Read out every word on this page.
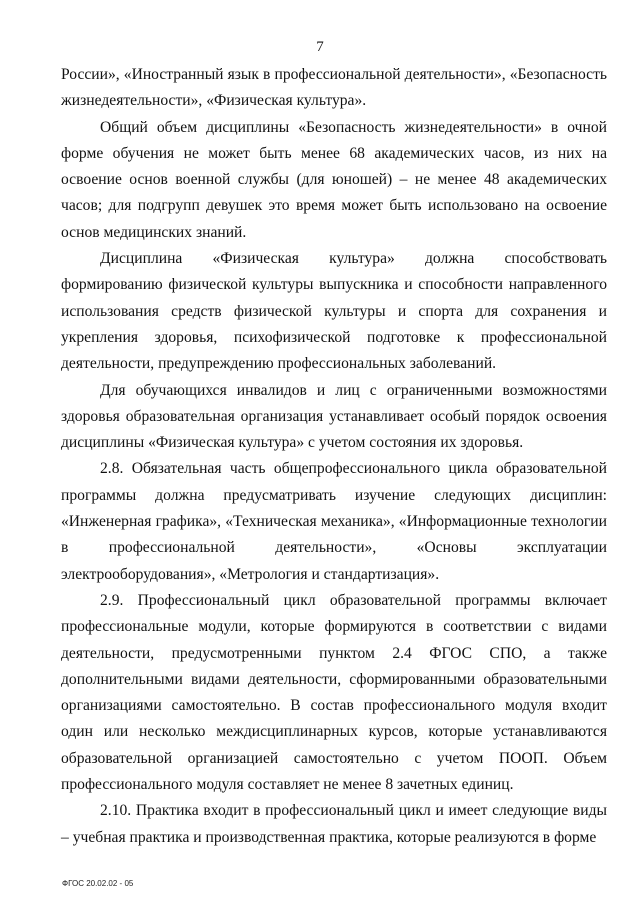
7

России», «Иностранный язык в профессиональной деятельности», «Безопасность жизнедеятельности», «Физическая культура».

Общий объем дисциплины «Безопасность жизнедеятельности» в очной форме обучения не может быть менее 68 академических часов, из них на освоение основ военной службы (для юношей) – не менее 48 академических часов; для подгрупп девушек это время может быть использовано на освоение основ медицинских знаний.

Дисциплина «Физическая культура» должна способствовать формированию физической культуры выпускника и способности направленного использования средств физической культуры и спорта для сохранения и укрепления здоровья, психофизической подготовке к профессиональной деятельности, предупреждению профессиональных заболеваний.

Для обучающихся инвалидов и лиц с ограниченными возможностями здоровья образовательная организация устанавливает особый порядок освоения дисциплины «Физическая культура» с учетом состояния их здоровья.

2.8. Обязательная часть общепрофессионального цикла образовательной программы должна предусматривать изучение следующих дисциплин: «Инженерная графика», «Техническая механика», «Информационные технологии в профессиональной деятельности», «Основы эксплуатации электрооборудования», «Метрология и стандартизация».

2.9. Профессиональный цикл образовательной программы включает профессиональные модули, которые формируются в соответствии с видами деятельности, предусмотренными пунктом 2.4 ФГОС СПО, а также дополнительными видами деятельности, сформированными образовательными организациями самостоятельно. В состав профессионального модуля входит один или несколько междисциплинарных курсов, которые устанавливаются образовательной организацией самостоятельно с учетом ПООП. Объем профессионального модуля составляет не менее 8 зачетных единиц.

2.10. Практика входит в профессиональный цикл и имеет следующие виды – учебная практика и производственная практика, которые реализуются в форме

ФГОС 20.02.02 - 05
